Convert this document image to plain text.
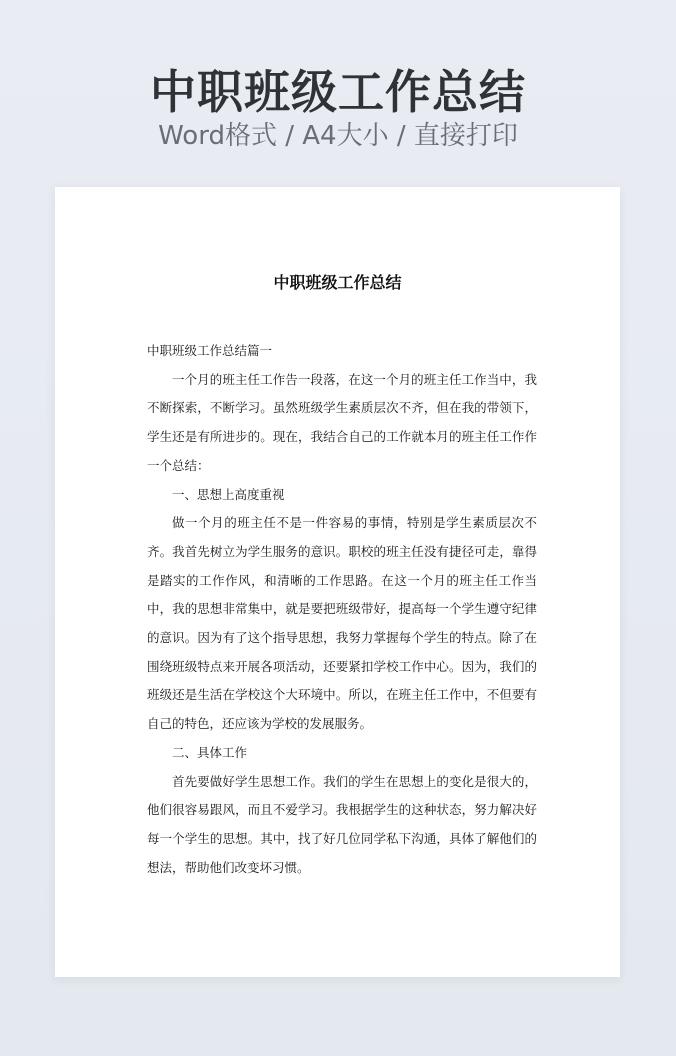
中职班级工作总结
Word格式 / A4大小 / 直接打印
中职班级工作总结

中职班级工作总结篇一

一个月的班主任工作告一段落，在这一个月的班主任工作当中，我不断探索，不断学习。虽然班级学生素质层次不齐，但在我的带领下，学生还是有所进步的。现在，我结合自己的工作就本月的班主任工作作一个总结：

一、思想上高度重视

做一个月的班主任不是一件容易的事情，特别是学生素质层次不齐。我首先树立为学生服务的意识。职校的班主任没有捷径可走，靠得是踏实的工作作风，和清晰的工作思路。在这一个月的班主任工作当中，我的思想非常集中，就是要把班级带好，提高每一个学生遵守纪律的意识。因为有了这个指导思想，我努力掌握每个学生的特点。除了在围绕班级特点来开展各项活动，还要紧扣学校工作中心。因为，我们的班级还是生活在学校这个大环境中。所以，在班主任工作中，不但要有自己的特色，还应该为学校的发展服务。

二、具体工作

首先要做好学生思想工作。我们的学生在思想上的变化是很大的，他们很容易跟风，而且不爱学习。我根据学生的这种状态，努力解决好每一个学生的思想。其中，找了好几位同学私下沟通，具体了解他们的想法，帮助他们改变坏习惯。
